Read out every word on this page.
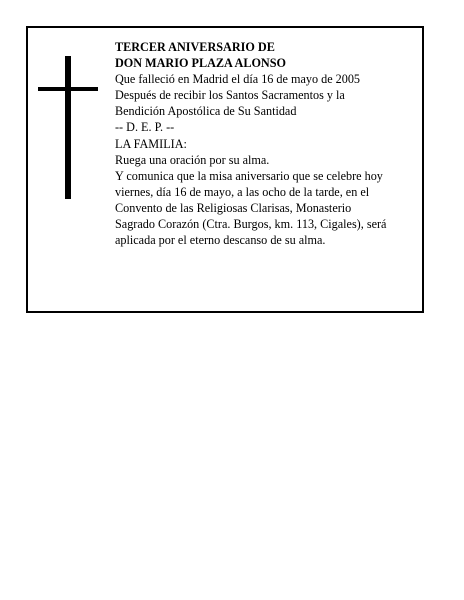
TERCER ANIVERSARIO DE
DON MARIO PLAZA ALONSO
Que falleció en Madrid el día 16 de mayo de 2005
Después de recibir los Santos Sacramentos y la
Bendición Apostólica de Su Santidad
-- D. E. P. --
LA FAMILIA:
Ruega una oración por su alma.
Y comunica que la misa aniversario que se celebre hoy
viernes, día 16 de mayo, a las ocho de la tarde, en el
Convento de las Religiosas Clarisas, Monasterio
Sagrado Corazón (Ctra. Burgos, km. 113, Cigales), será
aplicada por el eterno descanso de su alma.
